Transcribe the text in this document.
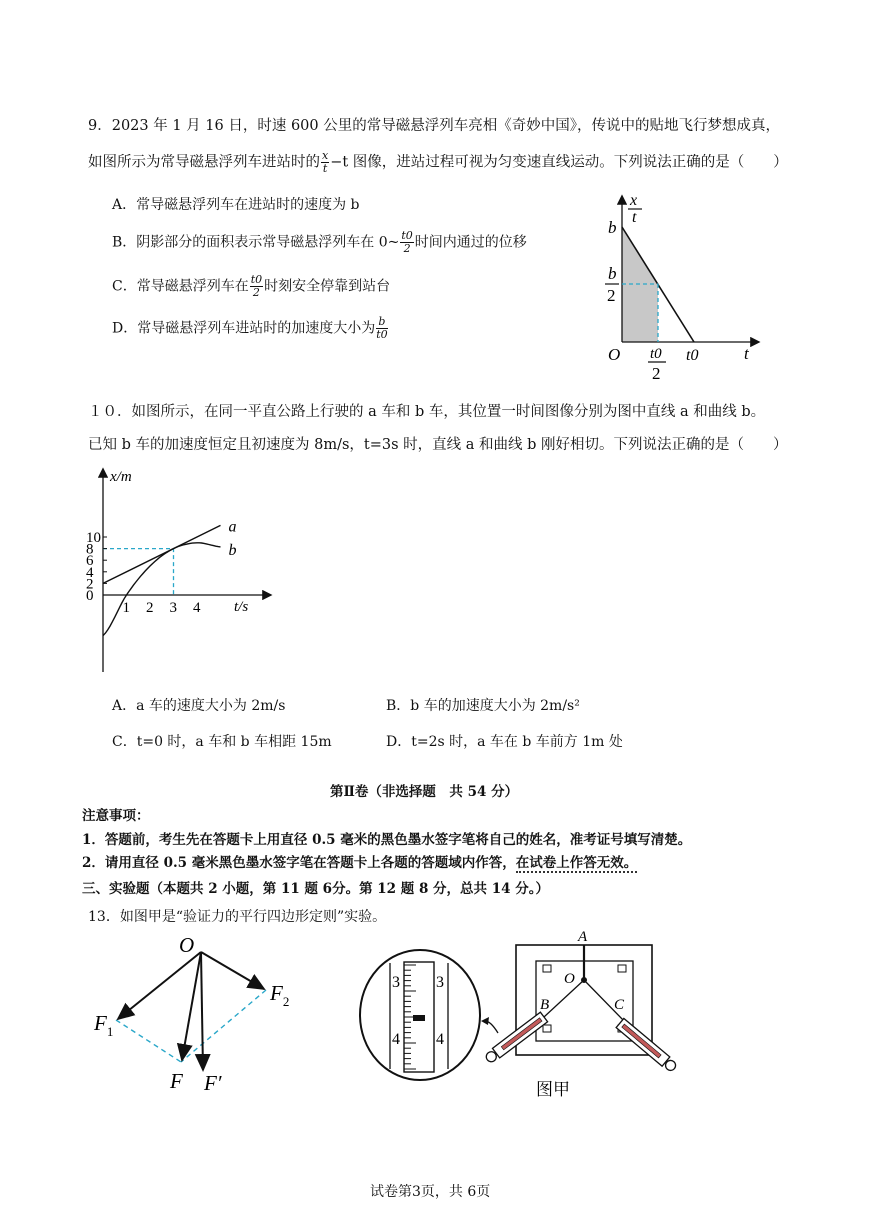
9．2023 年 1 月 16 日，时速 600 公里的常导磁悬浮列车亮相《奇妙中国》，传说中的贴地飞行梦想成真，
如图所示为常导磁悬浮列车进站时的 $\frac{x}{t} -t$ 图像，进站过程可视为匀变速直线运动。下列说法正确的是（　　）
A．常导磁悬浮列车在进站时的速度为 b
B．阴影部分的面积表示常导磁悬浮列车在 0~ $\frac{t0}{2}$ 时间内通过的位移
C．常导磁悬浮列车在 $\frac{t0}{2}$ 时刻安全停靠到站台
D．常导磁悬浮列车进站时的加速度大小为 $\frac{b}{t0}$
x
t
b
b
2
O t0
2
t0	t
１０．如图所示，在同一平直公路上行驶的 a 车和 b 车，其位置一时间图像分别为图中直线 a 和曲线 b。
已知 b 车的加速度恒定且初速度为 8m/s，t=3s 时，直线 a 和曲线 b 刚好相切。下列说法正确的是（　　）
a
b
0
2
4
6
8
10
1 2 3 4
x/m
t/s
A．a 车的速度大小为 2m/s	B．b 车的加速度大小为 2m/s²
C．t=0 时，a 车和 b 车相距 15m	D．t=2s 时，a 车在 b 车前方 1m 处
第Ⅱ卷（非选择题　共 54 分）
注意事项：
1．答题前，考生先在答题卡上用直径 0.5 毫米的黑色墨水签字笔将自己的姓名，准考证号填写清楚。
2．请用直径 0.5 毫米黑色墨水签字笔在答题卡上各题的答题域内作答，在试卷上作答无效。
三、实验题（本题共 2 小题，第 11 题 6分。第 12 题 8 分，总共 14 分。）
13．如图甲是“验证力的平行四边形定则”实验。
O
$F_1$
$F_2$
F F′
3 3
4 4
A
O
B	C
图甲
试卷第3页，共 6页
